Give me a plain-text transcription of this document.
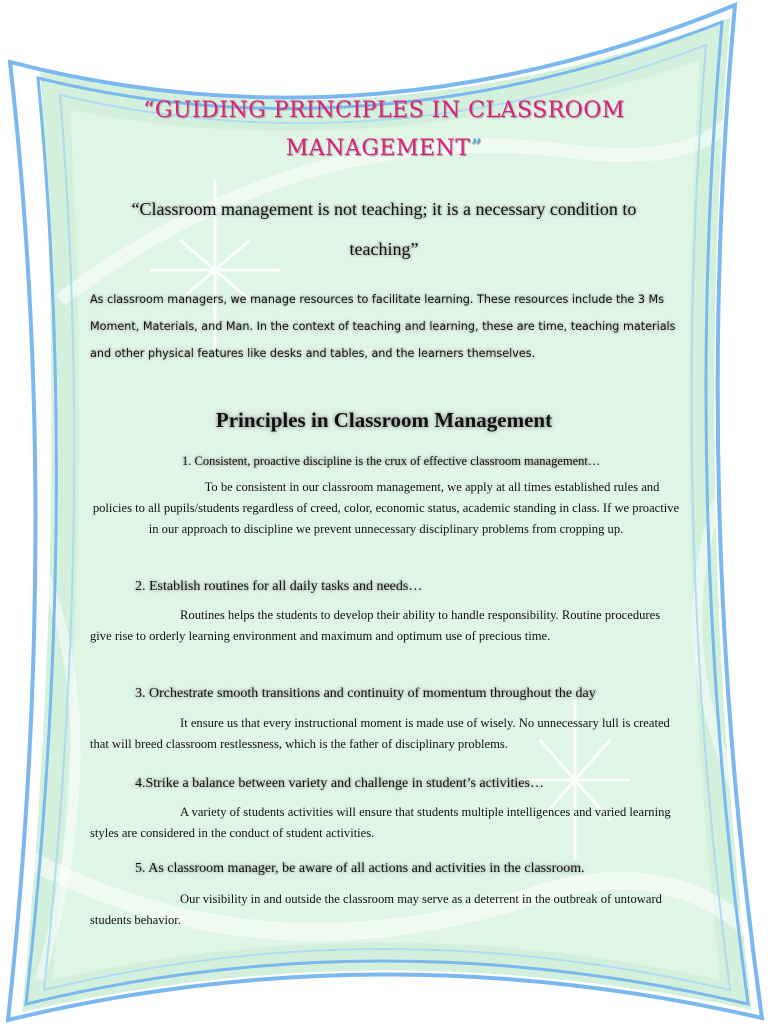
“GUIDING PRINCIPLES IN CLASSROOM
MANAGEMENT”
“Classroom management is not teaching; it is a necessary condition to
teaching”
As classroom managers, we manage resources to facilitate learning. These resources include the 3 Ms Moment, Materials, and Man. In the context of teaching and learning, these are time, teaching materials and other physical features like desks and tables, and the learners themselves.
Principles in Classroom Management
1. Consistent, proactive discipline is the crux of effective classroom management…
To be consistent in our classroom management, we apply at all times established rules and policies to all pupils/students regardless of creed, color, economic status, academic standing in class. If we proactive in our approach to discipline we prevent unnecessary disciplinary problems from cropping up.
2. Establish routines for all daily tasks and needs…
Routines helps the students to develop their ability to handle responsibility. Routine procedures give rise to orderly learning environment and maximum and optimum use of precious time.
3. Orchestrate smooth transitions and continuity of momentum throughout the day
It ensure us that every instructional moment is made use of wisely. No unnecessary lull is created that will breed classroom restlessness, which is the father of disciplinary problems.
4.Strike a balance between variety and challenge in student’s activities…
A variety of students activities will ensure that students multiple intelligences and varied learning styles are considered in the conduct of student activities.
5. As classroom manager, be aware of all actions and activities in the classroom.
Our visibility in and outside the classroom may serve as a deterrent in the outbreak of untoward students behavior.
